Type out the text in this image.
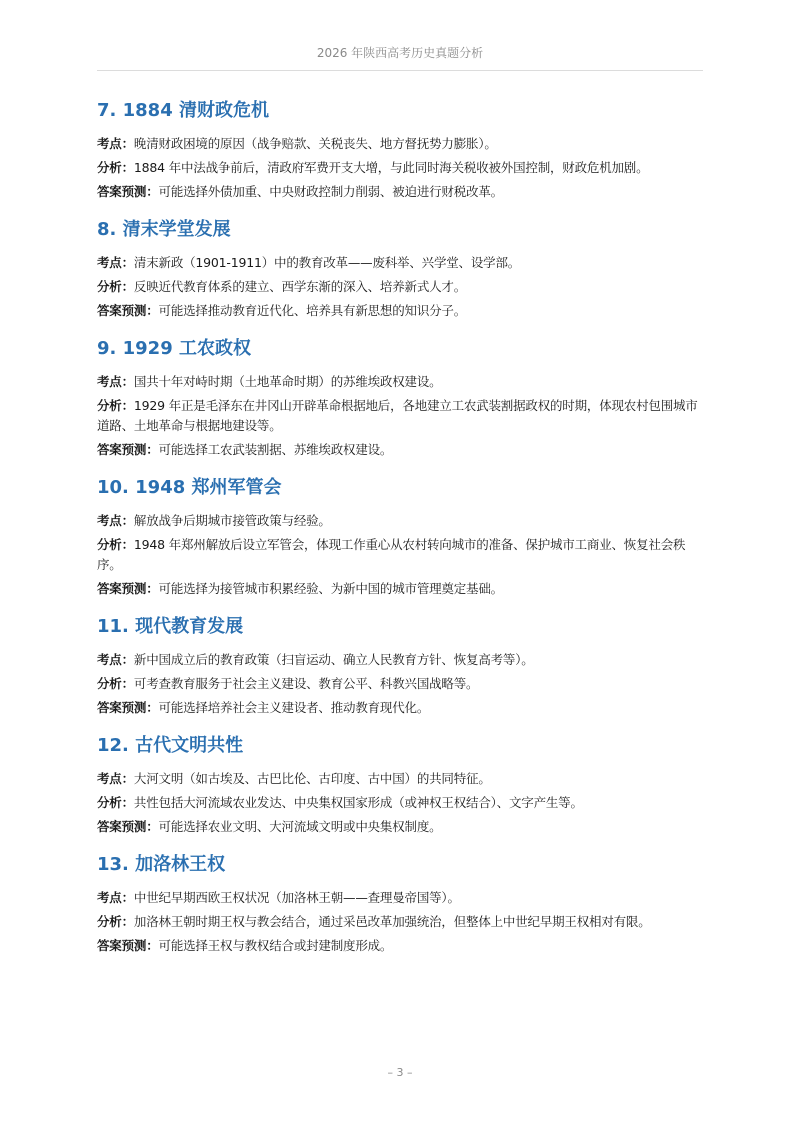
2026 年陕西高考历史真题分析
7. 1884 清财政危机

考点：晚清财政困境的原因（战争赔款、关税丧失、地方督抚势力膨胀）。

分析：1884 年中法战争前后，清政府军费开支大增，与此同时海关税收被外国控制，财政危机加剧。

答案预测：可能选择外债加重、中央财政控制力削弱、被迫进行财税改革。

8. 清末学堂发展

考点：清末新政（1901-1911）中的教育改革——废科举、兴学堂、设学部。

分析：反映近代教育体系的建立、西学东渐的深入、培养新式人才。

答案预测：可能选择推动教育近代化、培养具有新思想的知识分子。

9. 1929 工农政权

考点：国共十年对峙时期（土地革命时期）的苏维埃政权建设。

分析：1929 年正是毛泽东在井冈山开辟革命根据地后，各地建立工农武装割据政权的时期，体现农村包围城市道路、土地革命与根据地建设等。

答案预测：可能选择工农武装割据、苏维埃政权建设。

10. 1948 郑州军管会

考点：解放战争后期城市接管政策与经验。

分析：1948 年郑州解放后设立军管会，体现工作重心从农村转向城市的准备、保护城市工商业、恢复社会秩序。

答案预测：可能选择为接管城市积累经验、为新中国的城市管理奠定基础。

11. 现代教育发展

考点：新中国成立后的教育政策（扫盲运动、确立人民教育方针、恢复高考等）。

分析：可考查教育服务于社会主义建设、教育公平、科教兴国战略等。

答案预测：可能选择培养社会主义建设者、推动教育现代化。

12. 古代文明共性

考点：大河文明（如古埃及、古巴比伦、古印度、古中国）的共同特征。

分析：共性包括大河流域农业发达、中央集权国家形成（或神权王权结合）、文字产生等。

答案预测：可能选择农业文明、大河流域文明或中央集权制度。

13. 加洛林王权

考点：中世纪早期西欧王权状况（加洛林王朝——查理曼帝国等）。

分析：加洛林王朝时期王权与教会结合，通过采邑改革加强统治，但整体上中世纪早期王权相对有限。

答案预测：可能选择王权与教权结合或封建制度形成。

– 3 –
